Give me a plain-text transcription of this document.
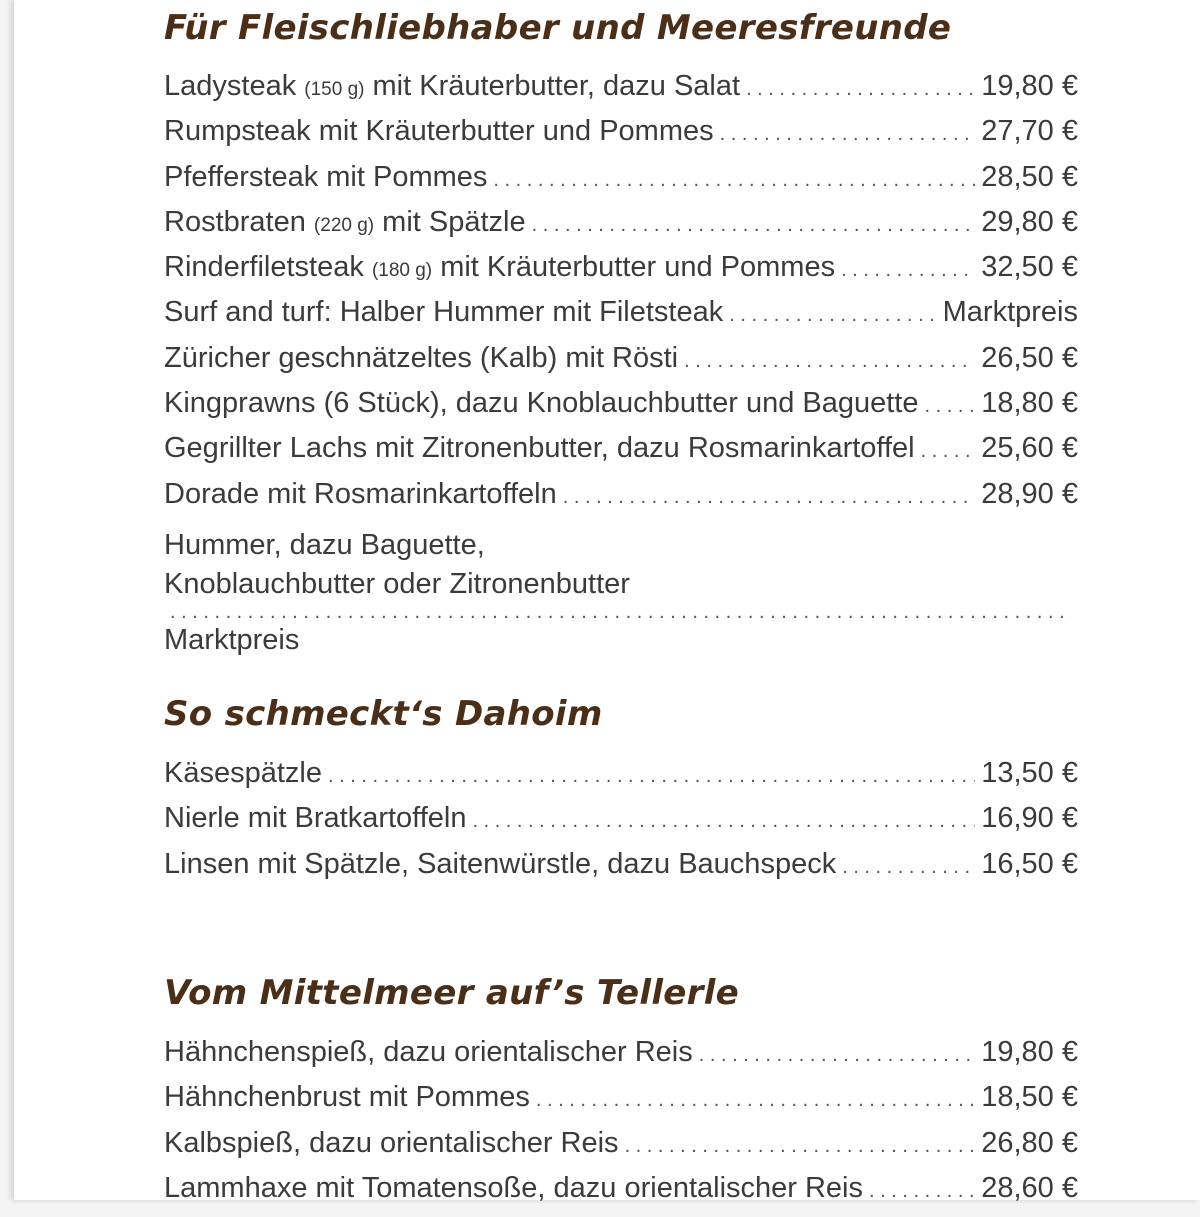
Für Fleischliebhaber und Meeresfreunde
Ladysteak (150 g) mit Kräuterbutter, dazu Salat . . .	19,80 €
Rumpsteak mit Kräuterbutter und Pommes . . .	27,70 €
Pfeffersteak mit Pommes . . .	28,50 €
Rostbraten (220 g) mit Spätzle . . .	29,80 €
Rinderfiletsteak (180 g) mit Kräuterbutter und Pommes . . .	32,50 €
Surf and turf: Halber Hummer mit Filetsteak . . .	Marktpreis
Züricher geschnätzeltes (Kalb) mit Rösti . . .	26,50 €
Kingprawns (6 Stück), dazu Knoblauchbutter und Baguette . . . 18,80 €
Gegrillter Lachs mit Zitronenbutter, dazu Rosmarinkartoffel . . . 25,60 €
Dorade mit Rosmarinkartoffeln . . .	28,90 €
Hummer, dazu Baguette,
Knoblauchbutter oder Zitronenbutter
. . .
Marktpreis
So schmeckt‘s Dahoim
Käsespätzle . . .	13,50 €
Nierle mit Bratkartoffeln . . .	16,90 €
Linsen mit Spätzle, Saitenwürstle, dazu Bauchspeck . . .	16,50 €
Vom Mittelmeer auf’s Tellerle
Hähnchenspieß, dazu orientalischer Reis . . .	19,80 €
Hähnchenbrust mit Pommes . . .	18,50 €
Kalbspieß, dazu orientalischer Reis . . .	26,80 €
Lammhaxe mit Tomatensoße, dazu orientalischer Reis . . .	28,60 €
